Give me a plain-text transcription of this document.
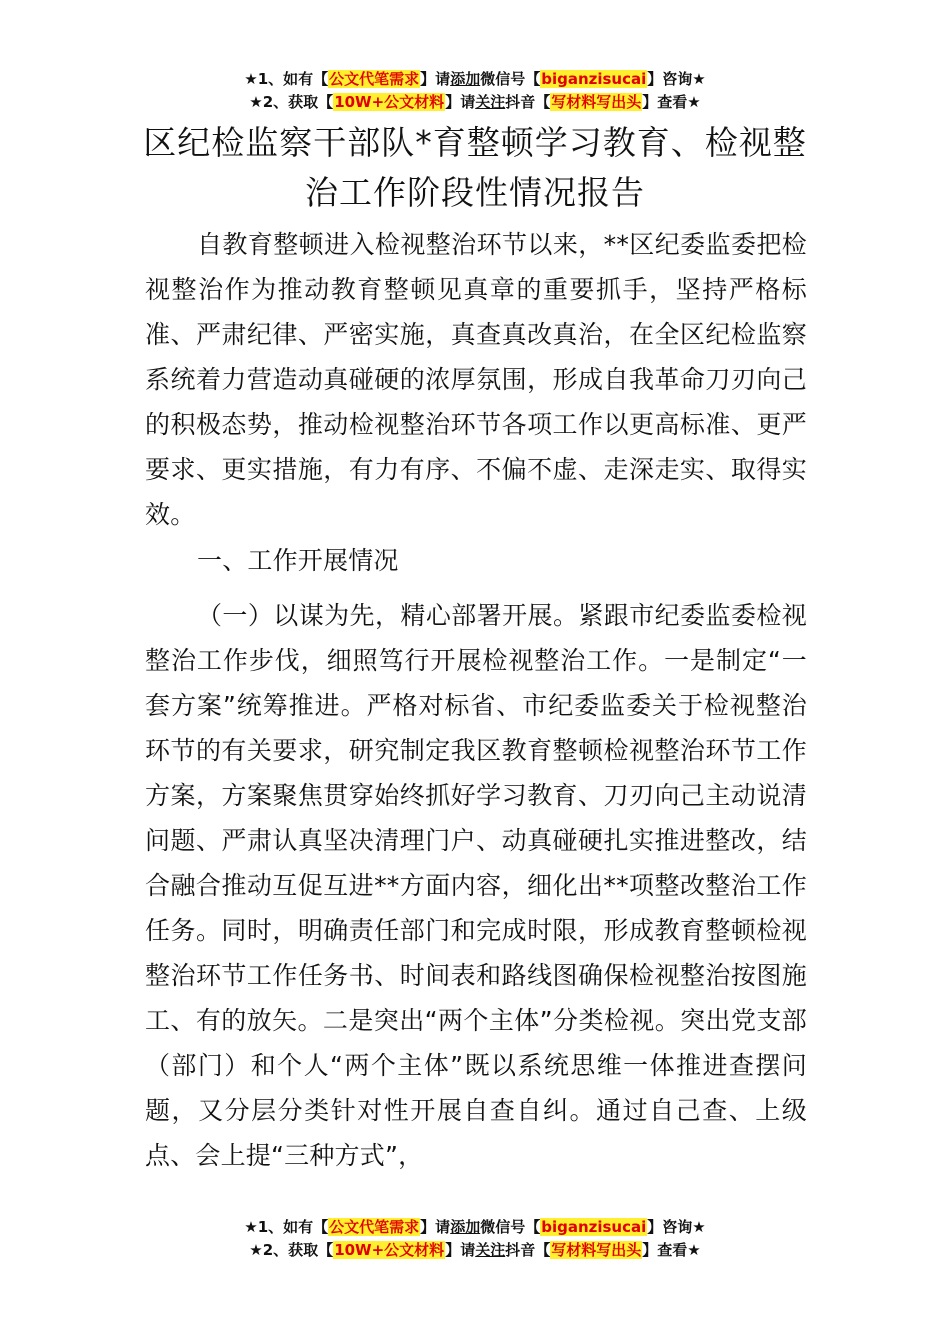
★1、如有【公文代笔需求】请添加微信号【biganzisucai】咨询★
★2、获取【10W+公文材料】请关注抖音【写材料写出头】查看★
区纪检监察干部队*育整顿学习教育、检视整
治工作阶段性情况报告

自教育整顿进入检视整治环节以来，**区纪委监委把检视整治作为推动教育整顿见真章的重要抓手，坚持严格标准、严肃纪律、严密实施，真查真改真治，在全区纪检监察系统着力营造动真碰硬的浓厚氛围，形成自我革命刀刃向己的积极态势，推动检视整治环节各项工作以更高标准、更严要求、更实措施，有力有序、不偏不虚、走深走实、取得实效。

一、工作开展情况

（一）以谋为先，精心部署开展。紧跟市纪委监委检视整治工作步伐，细照笃行开展检视整治工作。一是制定“一套方案”统筹推进。严格对标省、市纪委监委关于检视整治环节的有关要求，研究制定我区教育整顿检视整治环节工作方案，方案聚焦贯穿始终抓好学习教育、刀刃向己主动说清问题、严肃认真坚决清理门户、动真碰硬扎实推进整改，结合融合推动互促互进**方面内容，细化出**项整改整治工作任务。同时，明确责任部门和完成时限，形成教育整顿检视整治环节工作任务书、时间表和路线图确保检视整治按图施工、有的放矢。二是突出“两个主体”分类检视。突出党支部（部门）和个人“两个主体”既以系统思维一体推进查摆问题，又分层分类针对性开展自查自纠。通过自己查、上级点、会上提“三种方式”，

★1、如有【公文代笔需求】请添加微信号【biganzisucai】咨询★
★2、获取【10W+公文材料】请关注抖音【写材料写出头】查看★
